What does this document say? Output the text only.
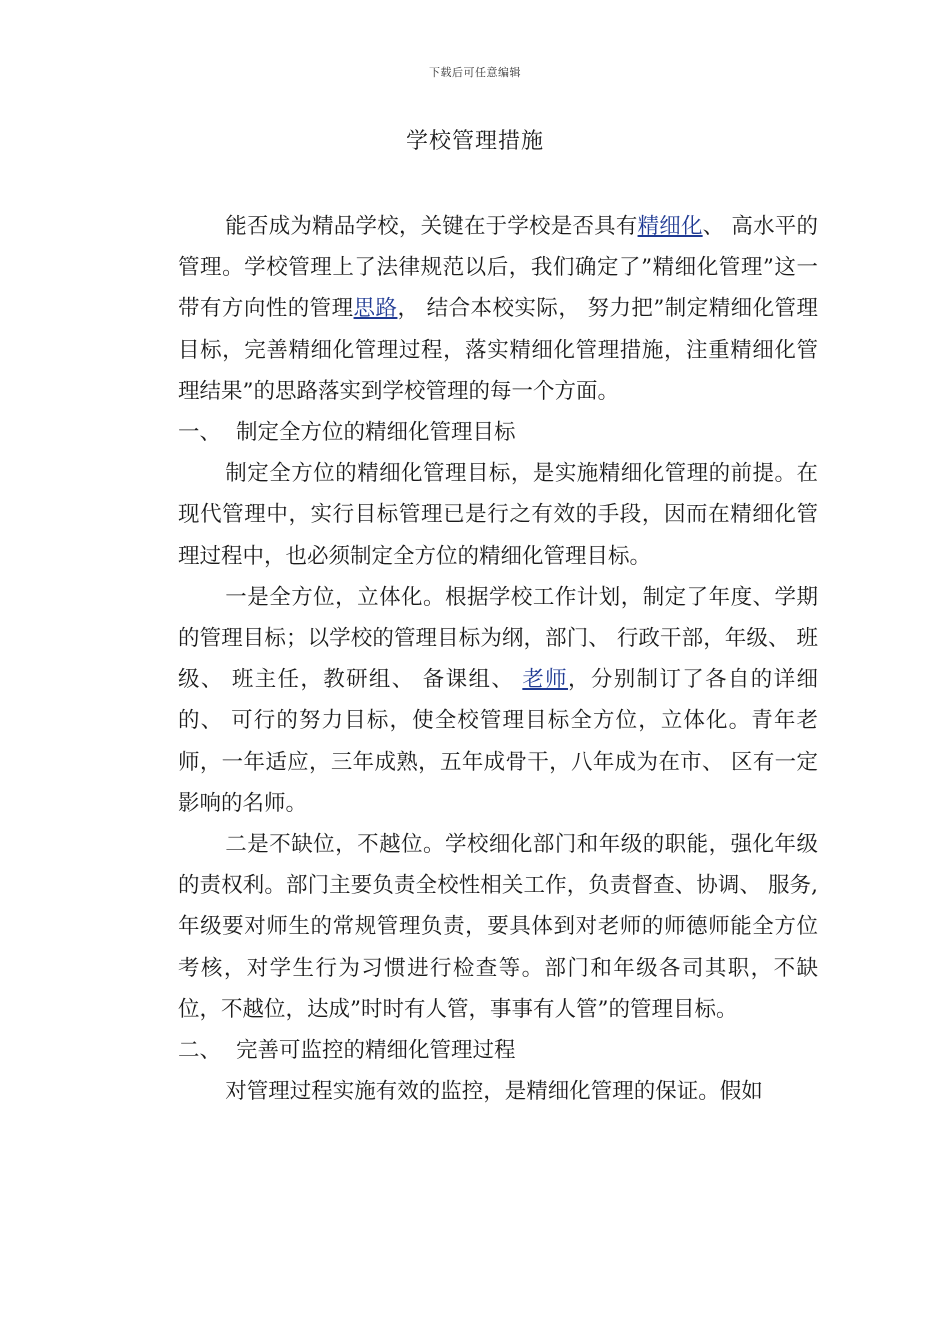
下载后可任意编辑
学校管理措施

能否成为精品学校，关键在于学校是否具有精细化、 高水平的管理。学校管理上了法律规范以后，我们确定了”精细化管理”这一带有方向性的管理思路， 结合本校实际， 努力把”制定精细化管理目标，完善精细化管理过程，落实精细化管理措施，注重精细化管理结果”的思路落实到学校管理的每一个方面。

一、 制定全方位的精细化管理目标

制定全方位的精细化管理目标，是实施精细化管理的前提。在现代管理中，实行目标管理已是行之有效的手段，因而在精细化管理过程中，也必须制定全方位的精细化管理目标。

一是全方位，立体化。根据学校工作计划，制定了年度、学期的管理目标；以学校的管理目标为纲，部门、 行政干部，年级、 班级、 班主任，教研组、 备课组、 老师，分别制订了各自的详细的、 可行的努力目标，使全校管理目标全方位，立体化。青年老师，一年适应，三年成熟，五年成骨干，八年成为在市、 区有一定影响的名师。

二是不缺位，不越位。学校细化部门和年级的职能，强化年级的责权利。部门主要负责全校性相关工作，负责督查、协调、 服务,年级要对师生的常规管理负责，要具体到对老师的师德师能全方位考核，对学生行为习惯进行检查等。部门和年级各司其职，不缺位，不越位，达成”时时有人管，事事有人管”的管理目标。

二、 完善可监控的精细化管理过程

对管理过程实施有效的监控，是精细化管理的保证。假如
